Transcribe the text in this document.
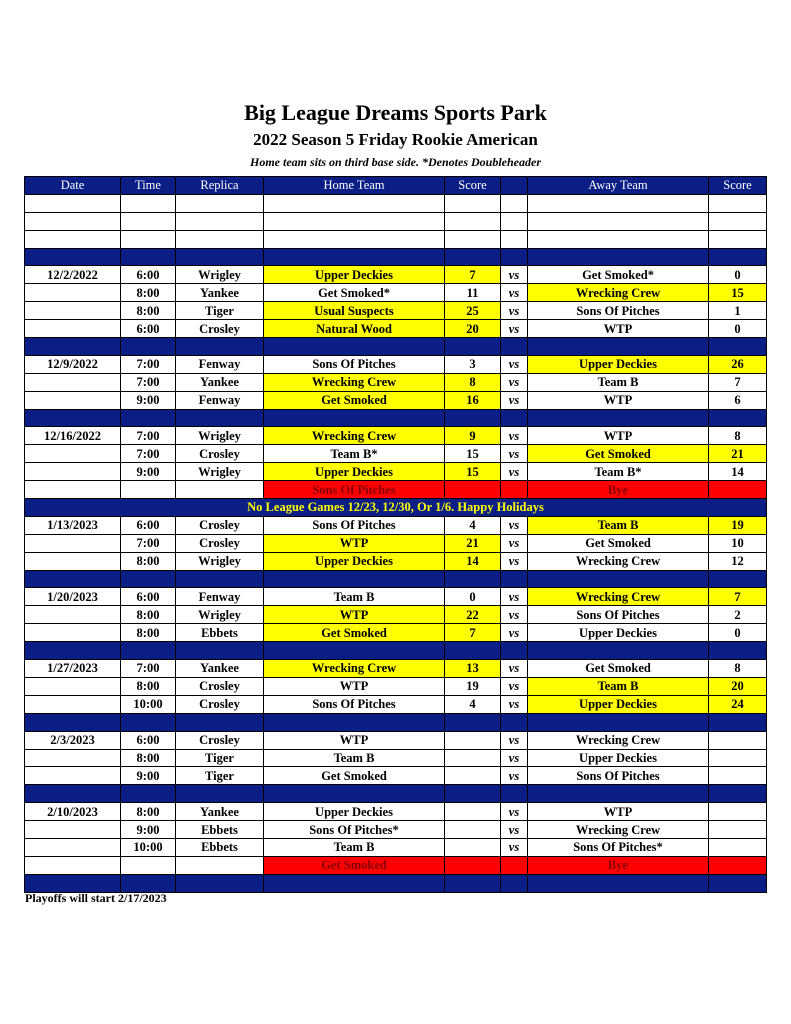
Big League Dreams Sports Park
2022 Season 5 Friday Rookie American
Home team sits on third base side. *Denotes Doubleheader
Date	Time	Replica	Home Team	Score		Away Team	Score

12/2/2022	6:00	Wrigley	Upper Deckies	7	vs	Get Smoked*	0
	8:00	Yankee	Get Smoked*	11	vs	Wrecking Crew	15
	8:00	Tiger	Usual Suspects	25	vs	Sons Of Pitches	1
	6:00	Crosley	Natural Wood	20	vs	WTP	0

12/9/2022	7:00	Fenway	Sons Of Pitches	3	vs	Upper Deckies	26
	7:00	Yankee	Wrecking Crew	8	vs	Team B	7
	9:00	Fenway	Get Smoked	16	vs	WTP	6

12/16/2022	7:00	Wrigley	Wrecking Crew	9	vs	WTP	8
	7:00	Crosley	Team B*	15	vs	Get Smoked	21
	9:00	Wrigley	Upper Deckies	15	vs	Team B*	14
			Sons Of Pitches			Bye	
No League Games 12/23, 12/30, Or 1/6. Happy Holidays							
1/13/2023	6:00	Crosley	Sons Of Pitches	4	vs	Team B	19
	7:00	Crosley	WTP	21	vs	Get Smoked	10
	8:00	Wrigley	Upper Deckies	14	vs	Wrecking Crew	12

1/20/2023	6:00	Fenway	Team B	0	vs	Wrecking Crew	7
	8:00	Wrigley	WTP	22	vs	Sons Of Pitches	2
	8:00	Ebbets	Get Smoked	7	vs	Upper Deckies	0

1/27/2023	7:00	Yankee	Wrecking Crew	13	vs	Get Smoked	8
	8:00	Crosley	WTP	19	vs	Team B	20
	10:00	Crosley	Sons Of Pitches	4	vs	Upper Deckies	24

2/3/2023	6:00	Crosley	WTP		vs	Wrecking Crew	
	8:00	Tiger	Team B		vs	Upper Deckies	
	9:00	Tiger	Get Smoked		vs	Sons Of Pitches	

2/10/2023	8:00	Yankee	Upper Deckies		vs	WTP	
	9:00	Ebbets	Sons Of Pitches*		vs	Wrecking Crew	
	10:00	Ebbets	Team B		vs	Sons Of Pitches*	
			Get Smoked			Bye	

Playoffs will start 2/17/2023
